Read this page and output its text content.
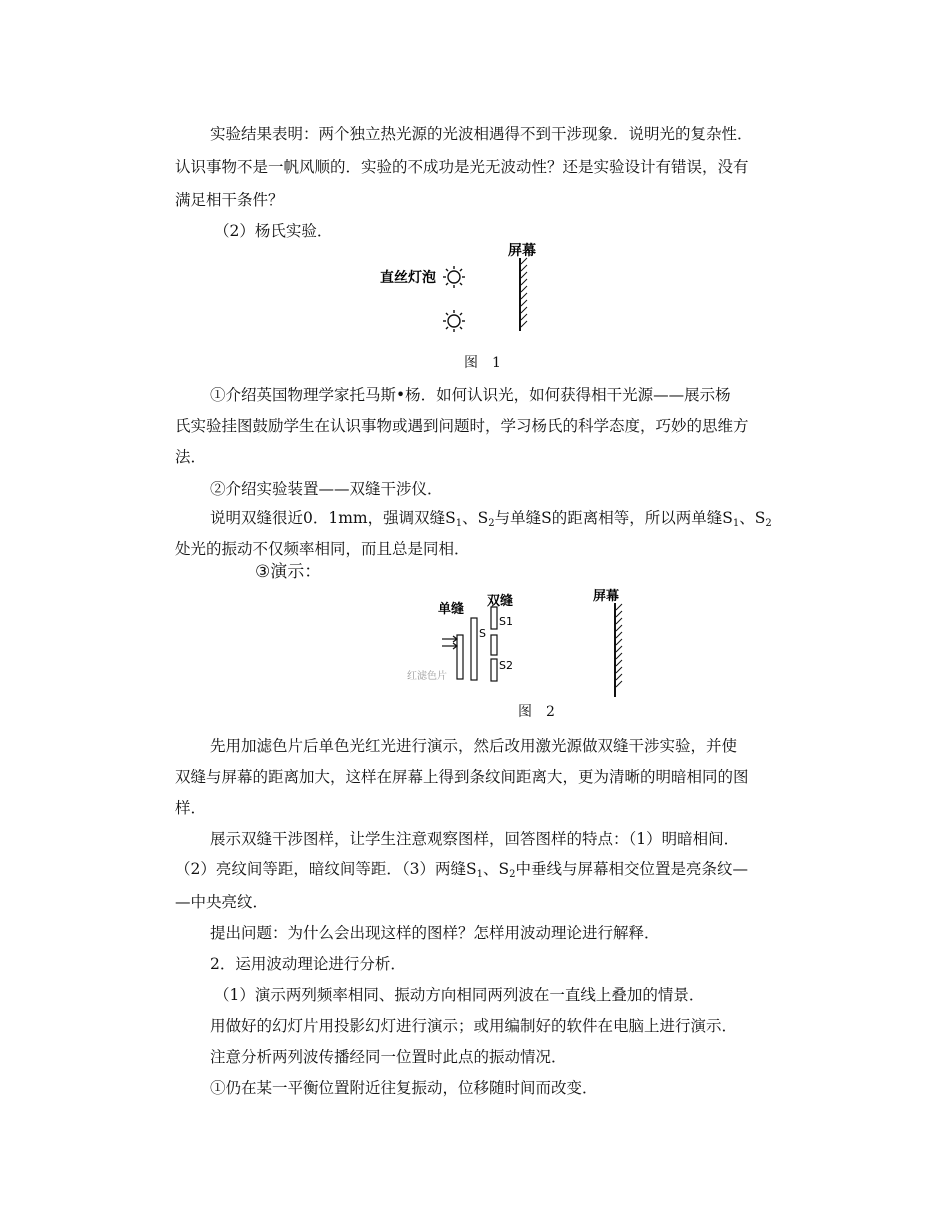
实验结果表明：两个独立热光源的光波相遇得不到干涉现象．说明光的复杂性．
认识事物不是一帆风顺的．实验的不成功是光无波动性？还是实验设计有错误，没有
满足相干条件？
（2）杨氏实验．
屏幕
直丝灯泡
图　1
①介绍英国物理学家托马斯•杨．如何认识光，如何获得相干光源——展示杨
氏实验挂图鼓励学生在认识事物或遇到问题时，学习杨氏的科学态度，巧妙的思维方
法．
②介绍实验装置——双缝干涉仪．
说明双缝很近0．1mm，强调双缝$S_1$、$S_2$与单缝S的距离相等，所以两单缝$S_1$、$S_2$
处光的振动不仅频率相同，而且总是同相．
③演示：
单缝
双缝	屏幕
S
S1
S2
红滤色片
图　2
先用加滤色片后单色光红光进行演示，然后改用激光源做双缝干涉实验，并使
双缝与屏幕的距离加大，这样在屏幕上得到条纹间距离大，更为清晰的明暗相同的图
样．
展示双缝干涉图样，让学生注意观察图样，回答图样的特点：（1）明暗相间．
（2）亮纹间等距，暗纹间等距．（3）两缝$S_1$、$S_2$中垂线与屏幕相交位置是亮条纹—
—中央亮纹．
提出问题：为什么会出现这样的图样？怎样用波动理论进行解释．
2．运用波动理论进行分析．
（1）演示两列频率相同、振动方向相同两列波在一直线上叠加的情景．
用做好的幻灯片用投影幻灯进行演示；或用编制好的软件在电脑上进行演示．
注意分析两列波传播经同一位置时此点的振动情况．
①仍在某一平衡位置附近往复振动，位移随时间而改变．
